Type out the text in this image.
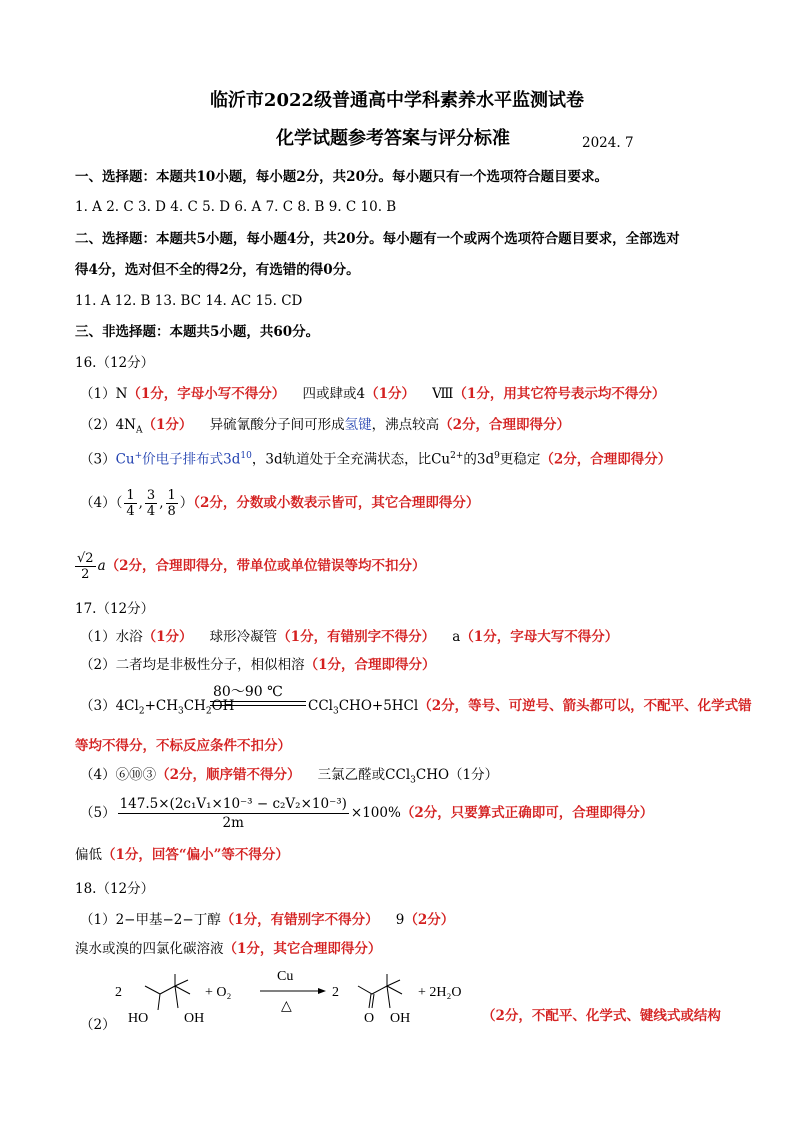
临沂市2022级普通高中学科素养水平监测试卷
化学试题参考答案与评分标准	2024. 7
一、选择题：本题共10小题，每小题2分，共20分。每小题只有一个选项符合题目要求。
1. A 2. C 3. D 4. C 5. D 6. A 7. C 8. B 9. C 10. B
二、选择题：本题共5小题，每小题4分，共20分。每小题有一个或两个选项符合题目要求，全部选对
得4分，选对但不全的得2分，有选错的得0分。
11. A 12. B 13. BC 14. AC 15. CD
三、非选择题：本题共5小题，共60分。
16.（12分）
（1）N（1分，字母小写不得分） 四或肆或4（1分） Ⅷ（1分，用其它符号表示均不得分）
$(2)4N_A(1$分） 异硫氰酸分子间可形成氢键，沸点较高（2分，合理即得分）
（3）Cu+价电子排布式$3d^{10}$，3d轨道处于全充满状态，比$Cu^{2+}$的$3d^9$更稳定（2分，合理即得分）
$(4)( \frac{1}{4}$ , $\frac{3}{4}$ , $\frac{1}{8} )(2$分，分数或小数表示皆可，其它合理即得分）
$\frac{√2}{2} a(2$分，合理即得分，带单位或单位错误等均不扣分）
17.（12分）
（1）水浴（1分） 球形冷凝管（1分，有错别字不得分） a（1分，字母大写不得分）
（2）二者均是非极性分子，相似相溶（1分，合理即得分）
80～90 ℃
$(3)4Cl_2+CH_3CH_2OH$	CCl$_3$CHO+5HCl（2分，等号、可逆号、箭头都可以，不配平、化学式错
等均不得分，不标反应条件不扣分）
（4）⑥⑩③（2分，顺序错不得分） 三氯乙醛或CCl$_3$CHO（1分）
$(5) \frac{\text{147.5×(2c₁V₁×10⁻³ − c₂V₂×10⁻³)}}{2m} \times 100\%(2$分，只要算式正确即可，合理即得分）
偏低（1分，回答“偏小”等不得分）
18.（12分）
（1）2−甲基−2−丁醇（1分，有错别字不得分） 9（2分）
溴水或溴的四氯化碳溶液（1分，其它合理即得分）
2
HO	OH
+ O₂
Cu
△
2
O OH
+ 2H₂O
（2）
（2分，不配平、化学式、键线式或结构
